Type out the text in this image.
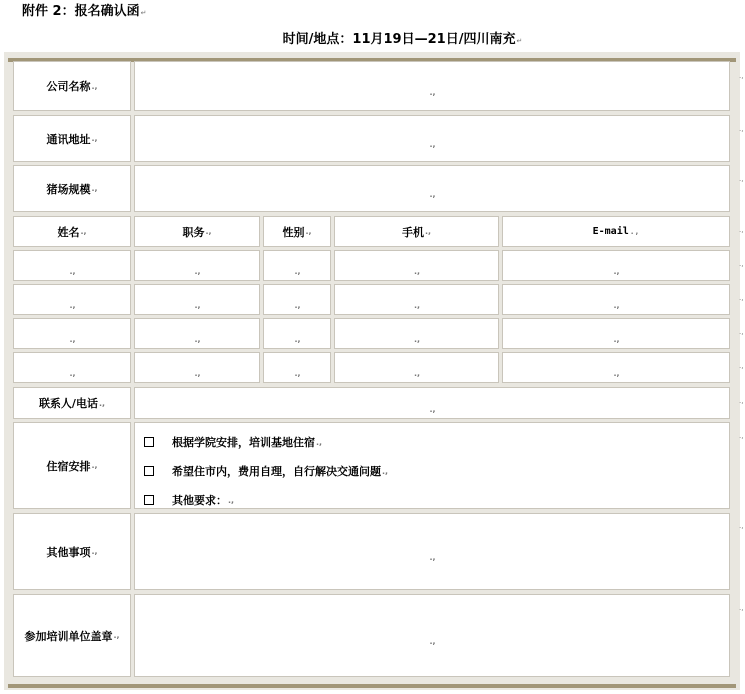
附件 2：报名确认函↵
时间/地点：11月19日—21日/四川南充↵
公司名称 .,
.,
通讯地址 .,
.,
猪场规模 .,
.,
姓名 .,	职务 .,	性别 .,	手机 .,	E-mail .,
.,	.,	.,	.,	.,
.,	.,	.,	.,	.,
.,	.,	.,	.,	.,
.,	.,	.,	.,	.,
联系人/电话 .,
.,
住宿安排 .,
根据学院安排，培训基地住宿 .,
希望住市内，费用自理，自行解决交通问题 .,
其他要求： .,
其他事项 .,
.,
参加培训单位盖章 .,
.,
.,
.,
.,
.,
.,
.,
.,
.,
.,
.,
.,
.,
